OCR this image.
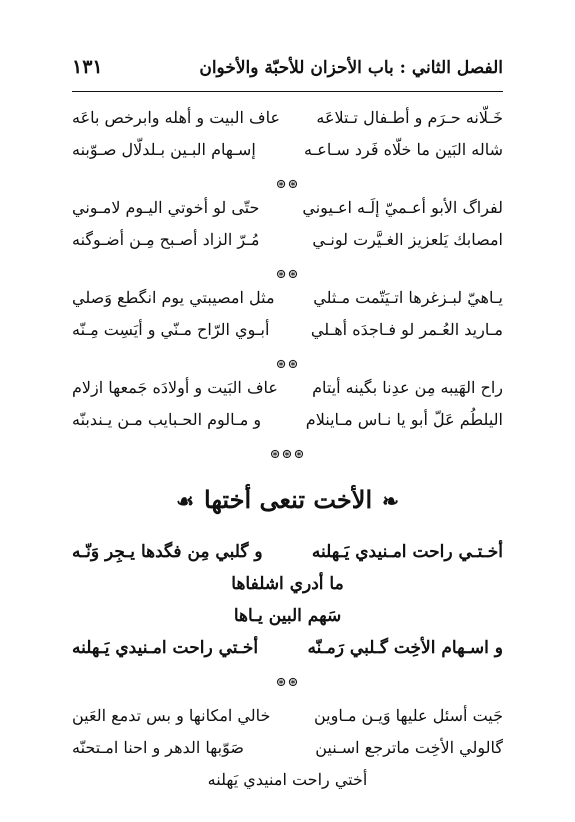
الفصل الثاني : باب الأحزان للأحبّة والأخوان
١٣١
خَـلّانه حـرَم و أطـفال تـتلاعَه
عاف البيت و أهله وابرخص باعَه
شاله البَين ما خلّاه فَرد سـاعـه
إسـهام البـين بـلدلّال صـوّبنه
⊛⊛
لفراگ الأبو أعـميّ إلَـه اعـيوني
حتّى لو أخوتي اليـوم لامـوني
امصابك يَلعزيز الغـيَّرت لونـي
مُـرّ الزاد أصـبح مِـن أضـوگنه
⊛⊛
يـاهيّ لبـزغرها اتـيَتّمت مـثلي
مثل امصيبتي يوم انگطع وَصلي
مـاريد العُـمر لو فـاجدَه أهـلي
أبـوي الرّاح مـنّي و أيَسِت مِـنّه
⊛⊛
راح الهَيبه مِن عدِنا بگينه أيتام
عاف البَيت و أولادَه جَمعها ازلام
اليلطُم عَلّ أبو يا نـاس مـاينلام
و مـالوم الحـبايب مـن يـندبنّه
⊛⊛⊛
❧الأخت تنعى أختها☙
أخـتـي راحت امـنيدي يَـهلنه
و گلبي مِن فگدها يـجِر وَنّـه
ما أدري اشلفاها
سَهم البين يـاها
و اسـهام الأخِت گـلبي رَمـنّه
أخـتي راحت امـنيدي يَـهلنه
⊛⊛
جَيت أسئل عليها وَيـن مـاوين
خالي امكانها و بس تدمع العَين
گالولي الأخِت ماترجع اسـنين
صَوّبها الدهر و احنا امـتحنّه
أختي راحت امنيدي يَهلنه
